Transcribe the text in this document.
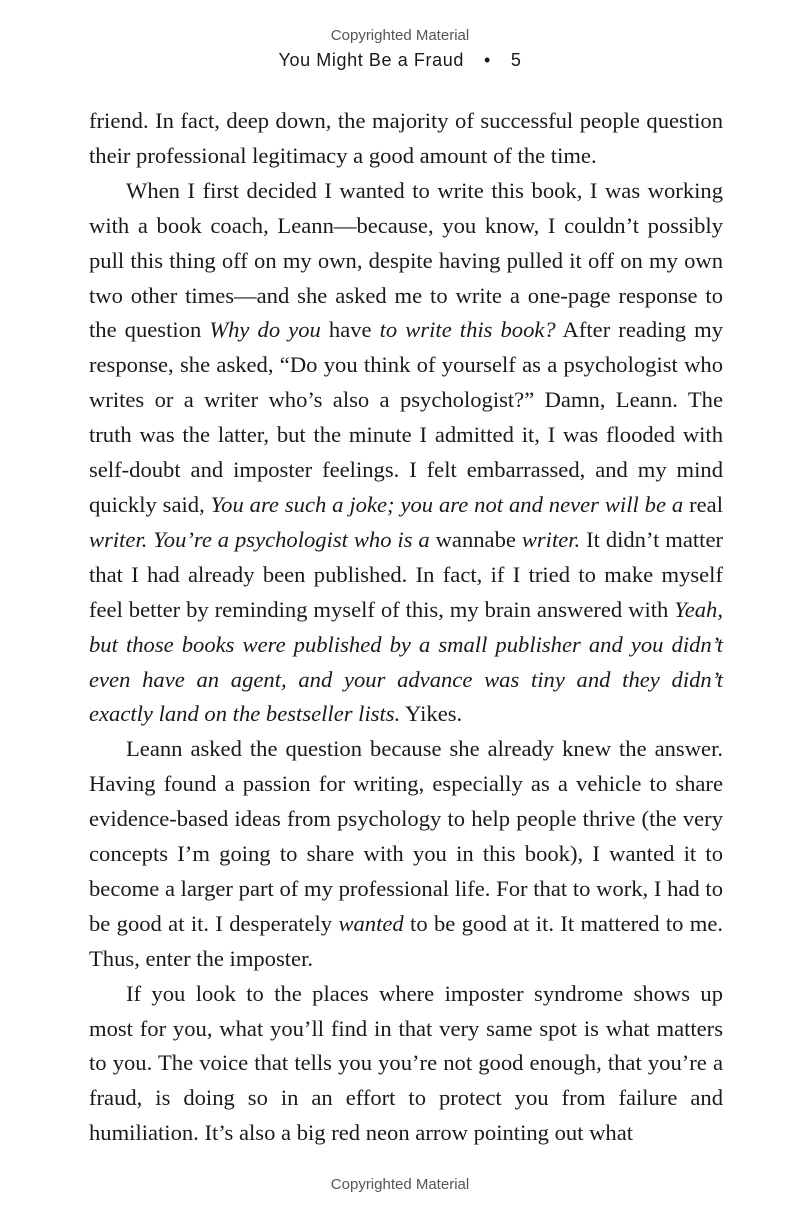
Copyrighted Material
You Might Be a Fraud • 5

friend. In fact, deep down, the majority of successful people question their professional legitimacy a good amount of the time.

When I first decided I wanted to write this book, I was working with a book coach, Leann—because, you know, I couldn’t possibly pull this thing off on my own, despite having pulled it off on my own two other times—and she asked me to write a one-page response to the question Why do you have to write this book? After reading my response, she asked, “Do you think of yourself as a psychologist who writes or a writer who’s also a psychologist?” Damn, Leann. The truth was the latter, but the minute I admitted it, I was flooded with self-doubt and imposter feelings. I felt embarrassed, and my mind quickly said, You are such a joke; you are not and never will be a real writer. You’re a psychologist who is a wannabe writer. It didn’t matter that I had already been published. In fact, if I tried to make myself feel better by reminding myself of this, my brain answered with Yeah, but those books were published by a small publisher and you didn’t even have an agent, and your advance was tiny and they didn’t exactly land on the bestseller lists. Yikes.

Leann asked the question because she already knew the answer. Having found a passion for writing, especially as a vehicle to share evidence-based ideas from psychology to help people thrive (the very concepts I’m going to share with you in this book), I wanted it to become a larger part of my professional life. For that to work, I had to be good at it. I desperately wanted to be good at it. It mattered to me. Thus, enter the imposter.

If you look to the places where imposter syndrome shows up most for you, what you’ll find in that very same spot is what matters to you. The voice that tells you you’re not good enough, that you’re a fraud, is doing so in an effort to protect you from failure and humiliation. It’s also a big red neon arrow pointing out what

Copyrighted Material
